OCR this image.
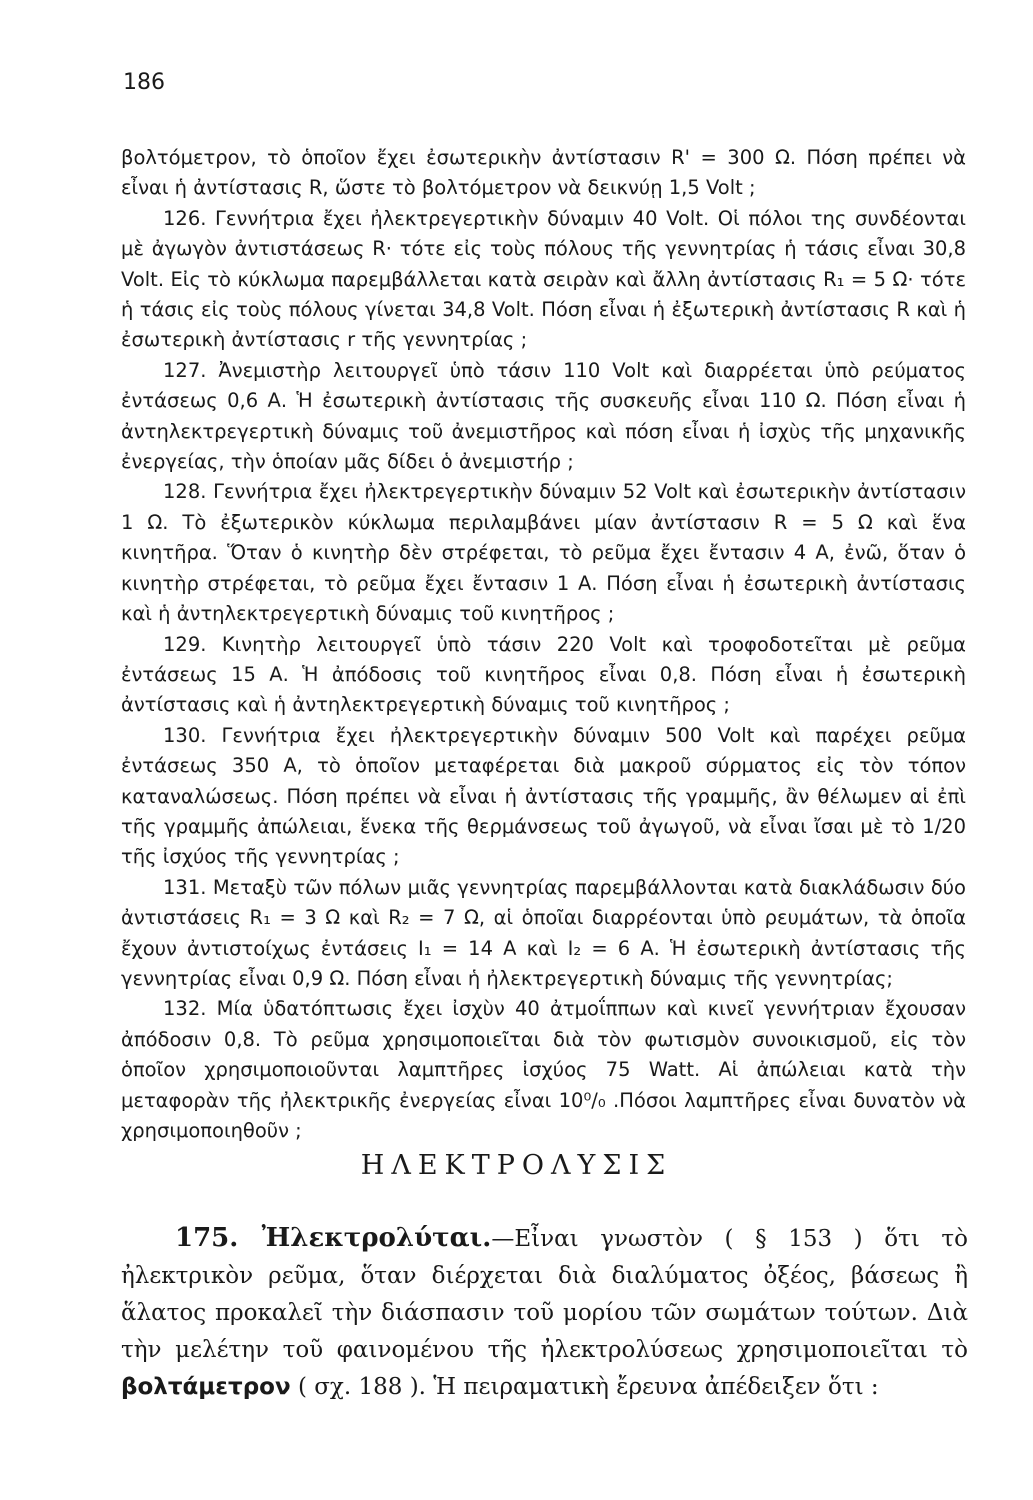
186

βολτόμετρον, τὸ ὁποῖον ἔχει ἐσωτερικὴν ἀντίστασιν R' = 300 Ω. Πόση πρέπει νὰ εἶναι ἡ ἀντίστασις R, ὥστε τὸ βολτόμετρον νὰ δεικνύῃ 1,5 Volt ;

126. Γεννήτρια ἔχει ἠλεκτρεγερτικὴν δύναμιν 40 Volt. Οἱ πόλοι της συνδέονται μὲ ἀγωγὸν ἀντιστάσεως R· τότε εἰς τοὺς πόλους τῆς γεννητρίας ἡ τάσις εἶναι 30,8 Volt. Εἰς τὸ κύκλωμα παρεμβάλλεται κατὰ σειρὰν καὶ ἄλλη ἀντίστασις R₁ = 5 Ω· τότε ἡ τάσις εἰς τοὺς πόλους γίνεται 34,8 Volt. Πόση εἶναι ἡ ἐξωτερικὴ ἀντίστασις R καὶ ἡ ἐσωτερικὴ ἀντίστασις r τῆς γεννητρίας ;

127. Ἀνεμιστὴρ λειτουργεῖ ὑπὸ τάσιν 110 Volt καὶ διαρρέεται ὑπὸ ρεύματος ἐντάσεως 0,6 Α. Ἡ ἐσωτερικὴ ἀντίστασις τῆς συσκευῆς εἶναι 110 Ω. Πόση εἶναι ἡ ἀντηλεκτρεγερτικὴ δύναμις τοῦ ἀνεμιστῆρος καὶ πόση εἶναι ἡ ἰσχὺς τῆς μηχανικῆς ἐνεργείας, τὴν ὁποίαν μᾶς δίδει ὁ ἀνεμιστήρ ;

128. Γεννήτρια ἔχει ἠλεκτρεγερτικὴν δύναμιν 52 Volt καὶ ἐσωτερικὴν ἀντίστασιν 1 Ω. Τὸ ἐξωτερικὸν κύκλωμα περιλαμβάνει μίαν ἀντίστασιν R = 5 Ω καὶ ἕνα κινητῆρα. Ὅταν ὁ κινητὴρ δὲν στρέφεται, τὸ ρεῦμα ἔχει ἔντασιν 4 Α, ἐνῶ, ὅταν ὁ κινητὴρ στρέφεται, τὸ ρεῦμα ἔχει ἔντασιν 1 Α. Πόση εἶναι ἡ ἐσωτερικὴ ἀντίστασις καὶ ἡ ἀντηλεκτρεγερτικὴ δύναμις τοῦ κινητῆρος ;

129. Κινητὴρ λειτουργεῖ ὑπὸ τάσιν 220 Volt καὶ τροφοδοτεῖται μὲ ρεῦμα ἐντάσεως 15 Α. Ἡ ἀπόδοσις τοῦ κινητῆρος εἶναι 0,8. Πόση εἶναι ἡ ἐσωτερικὴ ἀντίστασις καὶ ἡ ἀντηλεκτρεγερτικὴ δύναμις τοῦ κινητῆρος ;

130. Γεννήτρια ἔχει ἠλεκτρεγερτικὴν δύναμιν 500 Volt καὶ παρέχει ρεῦμα ἐντάσεως 350 Α, τὸ ὁποῖον μεταφέρεται διὰ μακροῦ σύρματος εἰς τὸν τόπον καταναλώσεως. Πόση πρέπει νὰ εἶναι ἡ ἀντίστασις τῆς γραμμῆς, ἂν θέλωμεν αἱ ἐπὶ τῆς γραμμῆς ἀπώλειαι, ἕνεκα τῆς θερμάνσεως τοῦ ἀγωγοῦ, νὰ εἶναι ἴσαι μὲ τὸ 1/20 τῆς ἰσχύος τῆς γεννητρίας ;

131. Μεταξὺ τῶν πόλων μιᾶς γεννητρίας παρεμβάλλονται κατὰ διακλάδωσιν δύο ἀντιστάσεις R₁ = 3 Ω καὶ R₂ = 7 Ω, αἱ ὁποῖαι διαρρέονται ὑπὸ ρευμάτων, τὰ ὁποῖα ἔχουν ἀντιστοίχως ἐντάσεις I₁ = 14 Α καὶ I₂ = 6 Α. Ἡ ἐσωτερικὴ ἀντίστασις τῆς γεννητρίας εἶναι 0,9 Ω. Πόση εἶναι ἡ ἠλεκτρεγερτικὴ δύναμις τῆς γεννητρίας;

132. Μία ὑδατόπτωσις ἔχει ἰσχὺν 40 ἀτμοΐππων καὶ κινεῖ γεννήτριαν ἔχουσαν ἀπόδοσιν 0,8. Τὸ ρεῦμα χρησιμοποιεῖται διὰ τὸν φωτισμὸν συνοικισμοῦ, εἰς τὸν ὁποῖον χρησιμοποιοῦνται λαμπτῆρες ἰσχύος 75 Watt. Αἱ ἀπώλειαι κατὰ τὴν μεταφορὰν τῆς ἠλεκτρικῆς ἐνεργείας εἶναι 10⁰/₀ .Πόσοι λαμπτῆρες εἶναι δυνατὸν νὰ χρησιμοποιηθοῦν ;

ΗΛΕΚΤΡΟΛΥΣΙΣ

175. Ἠλεκτρολύται.—Εἶναι γνωστὸν ( § 153 ) ὅτι τὸ ἠλεκτρικὸν ρεῦμα, ὅταν διέρχεται διὰ διαλύματος ὀξέος, βάσεως ἢ ἅλατος προκαλεῖ τὴν διάσπασιν τοῦ μορίου τῶν σωμάτων τούτων. Διὰ τὴν μελέτην τοῦ φαινομένου τῆς ἠλεκτρολύσεως χρησιμοποιεῖται τὸ βολτάμετρον ( σχ. 188 ). Ἡ πειραματικὴ ἔρευνα ἀπέδειξεν ὅτι :
